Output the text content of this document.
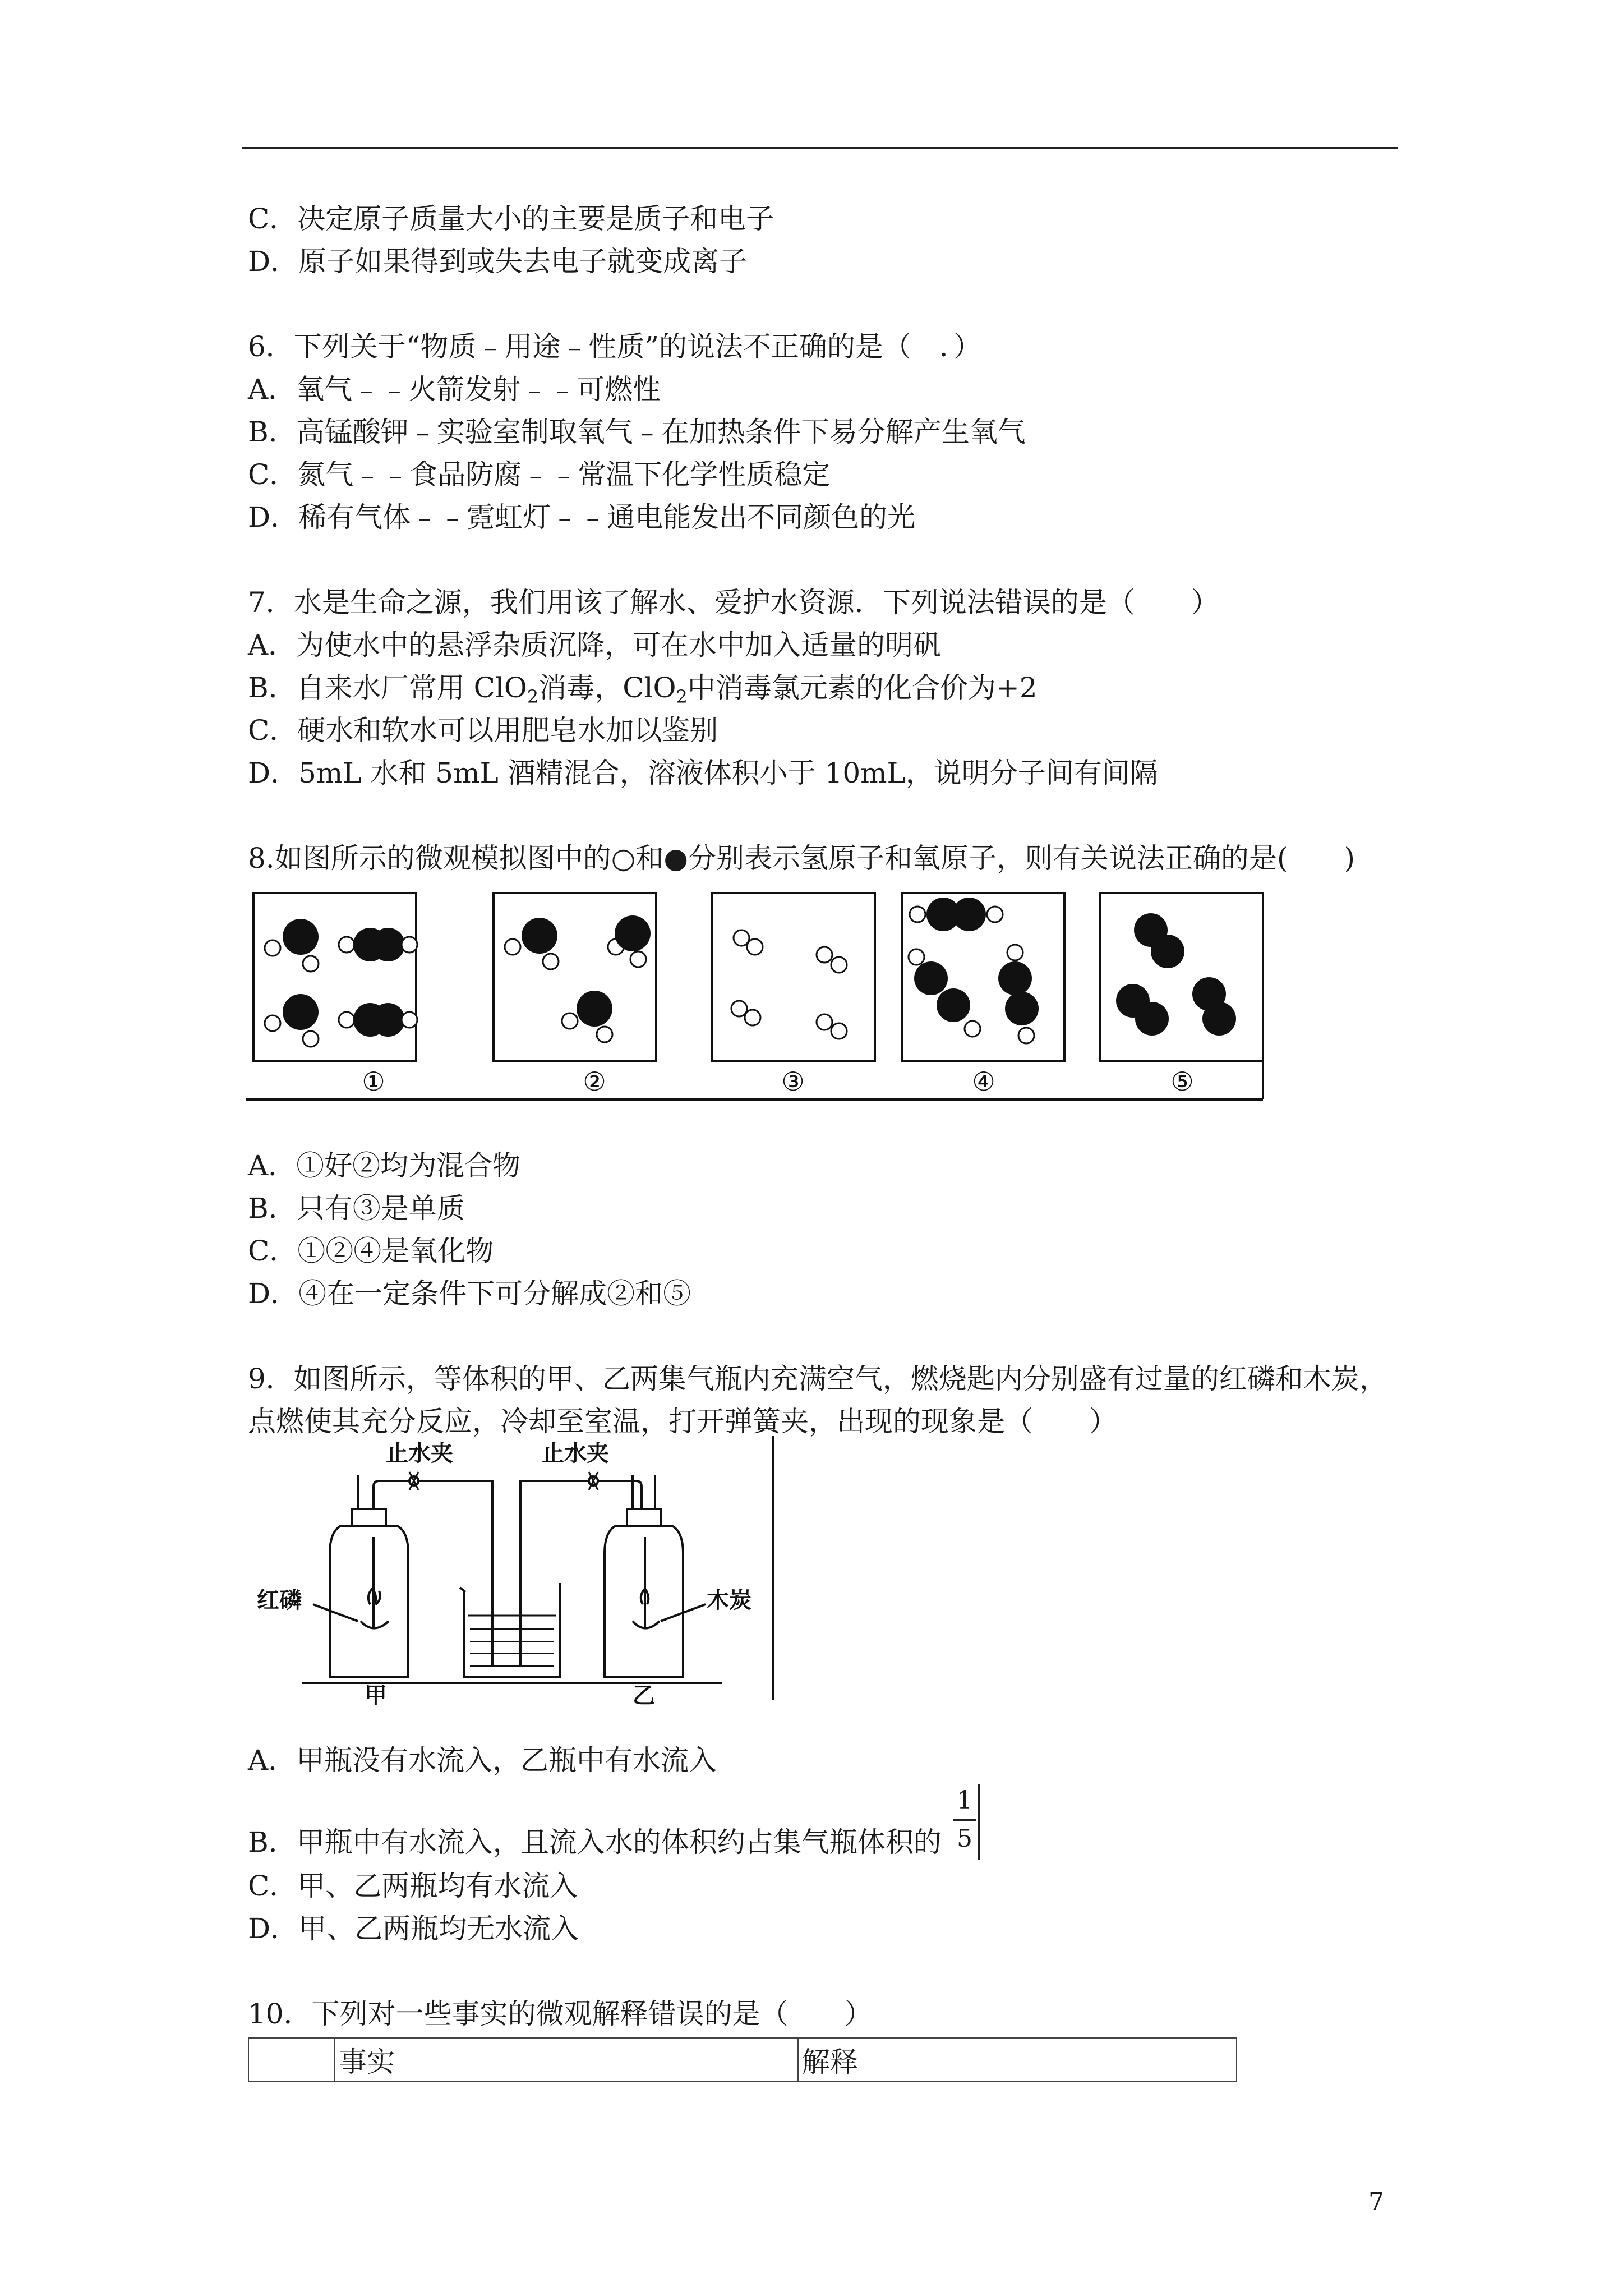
C．决定原子质量大小的主要是质子和电子
D．原子如果得到或失去电子就变成离子
6．下列关于“物质﹣用途﹣性质”的说法不正确的是（　．）
A．氧气﹣﹣火箭发射﹣﹣可燃性
B．高锰酸钾﹣实验室制取氧气﹣在加热条件下易分解产生氧气
C．氮气﹣﹣食品防腐﹣﹣常温下化学性质稳定
D．稀有气体﹣﹣霓虹灯﹣﹣通电能发出不同颜色的光
7．水是生命之源，我们用该了解水、爱护水资源．下列说法错误的是（　　）
A．为使水中的悬浮杂质沉降，可在水中加入适量的明矾
B．自来水厂常用 ClO$_2$消毒，ClO$_2$中消毒氯元素的化合价为+2
C．硬水和软水可以用肥皂水加以鉴别
D．5mL 水和 5mL 酒精混合，溶液体积小于 10mL，说明分子间有间隔
8.如图所示的微观模拟图中的○和●分别表示氢原子和氧原子，则有关说法正确的是(　　)
①	②	③	④	⑤
A．①好②均为混合物
B．只有③是单质
C．①②④是氧化物
D．④在一定条件下可分解成②和⑤
9．如图所示，等体积的甲、乙两集气瓶内充满空气，燃烧匙内分别盛有过量的红磷和木炭，
点燃使其充分反应，冷却至室温，打开弹簧夹，出现的现象是（　　）
止水夹	止水夹
红磷	木炭
甲	乙
A．甲瓶没有水流入，乙瓶中有水流入
B．甲瓶中有水流入，且流入水的体积约占集气瓶体积的
1
5
C．甲、乙两瓶均有水流入
D．甲、乙两瓶均无水流入
10．下列对一些事实的微观解释错误的是（　　）
	事实	解释
7
